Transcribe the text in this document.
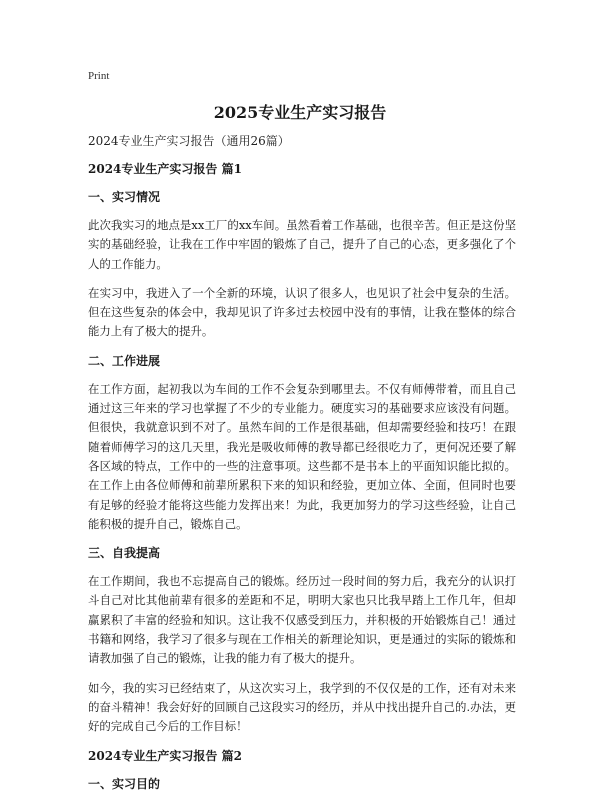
Print
2025专业生产实习报告

2024专业生产实习报告（通用26篇）

2024专业生产实习报告 篇1

一、实习情况

此次我实习的地点是xx工厂的xx车间。虽然看着工作基础，也很辛苦。但正是这份坚实的基础经验，让我在工作中牢固的锻炼了自己，提升了自己的心态，更多强化了个人的工作能力。

在实习中，我进入了一个全新的环境，认识了很多人，也见识了社会中复杂的生活。但在这些复杂的体会中，我却见识了许多过去校园中没有的事情，让我在整体的综合能力上有了极大的提升。

二、工作进展

在工作方面，起初我以为车间的工作不会复杂到哪里去。不仅有师傅带着，而且自己通过这三年来的学习也掌握了不少的专业能力。硬度实习的基础要求应该没有问题。但很快，我就意识到不对了。虽然车间的工作是很基础，但却需要经验和技巧！在跟随着师傅学习的这几天里，我光是吸收师傅的教导都已经很吃力了，更何况还要了解各区域的特点，工作中的一些的注意事项。这些都不是书本上的平面知识能比拟的。在工作上由各位师傅和前辈所累积下来的知识和经验，更加立体、全面，但同时也要有足够的经验才能将这些能力发挥出来！为此，我更加努力的学习这些经验，让自己能积极的提升自己，锻炼自己。

三、自我提高

在工作期间，我也不忘提高自己的锻炼。经历过一段时间的努力后，我充分的认识打斗自己对比其他前辈有很多的差距和不足，明明大家也只比我早踏上工作几年，但却赢累积了丰富的经验和知识。这让我不仅感受到压力，并积极的开始锻炼自己！通过书籍和网络，我学习了很多与现在工作相关的新理论知识，更是通过的实际的锻炼和请教加强了自己的锻炼，让我的能力有了极大的提升。

如今，我的实习已经结束了，从这次实习上，我学到的不仅仅是的工作，还有对未来的奋斗精神！我会好好的回顾自己这段实习的经历，并从中找出提升自己的.办法，更好的完成自己今后的工作目标！

2024专业生产实习报告 篇2

一、实习目的
